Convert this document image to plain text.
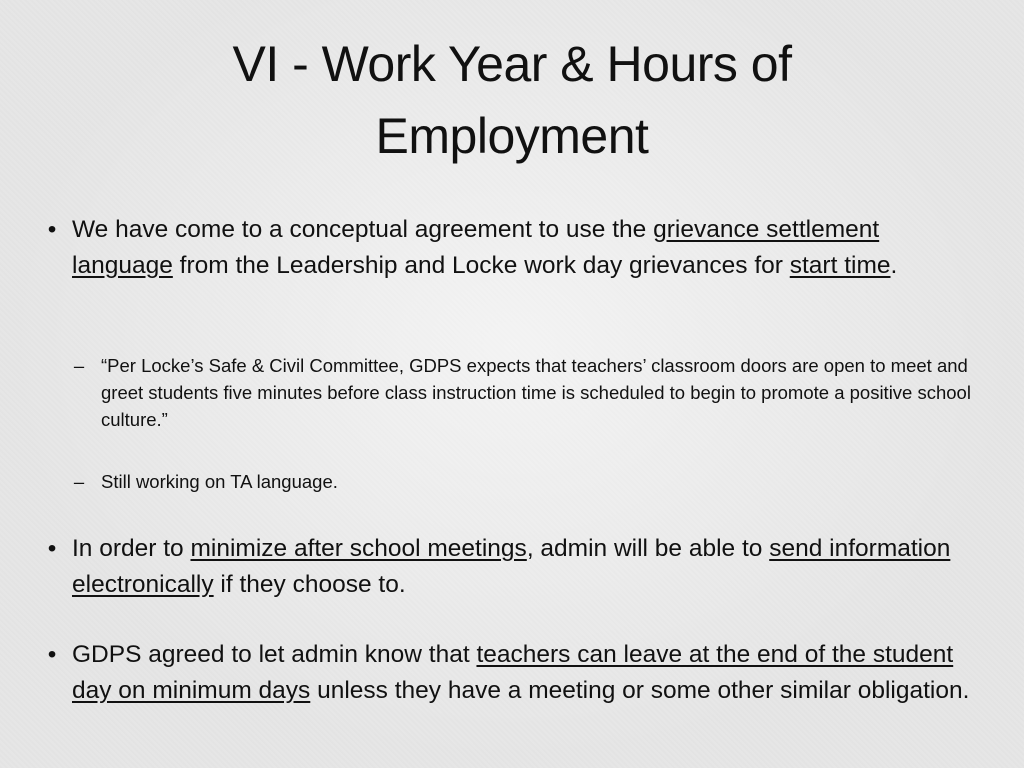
VI - Work Year & Hours of
Employment
• We have come to a conceptual agreement to use the grievance settlement language from the Leadership and Locke work day grievances for start time.
– “Per Locke’s Safe & Civil Committee, GDPS expects that teachers’ classroom doors are open to meet and greet students five minutes before class instruction time is scheduled to begin to promote a positive school culture.”
– Still working on TA language.
• In order to minimize after school meetings, admin will be able to send information electronically if they choose to.
• GDPS agreed to let admin know that teachers can leave at the end of the student day on minimum days unless they have a meeting or some other similar obligation.
